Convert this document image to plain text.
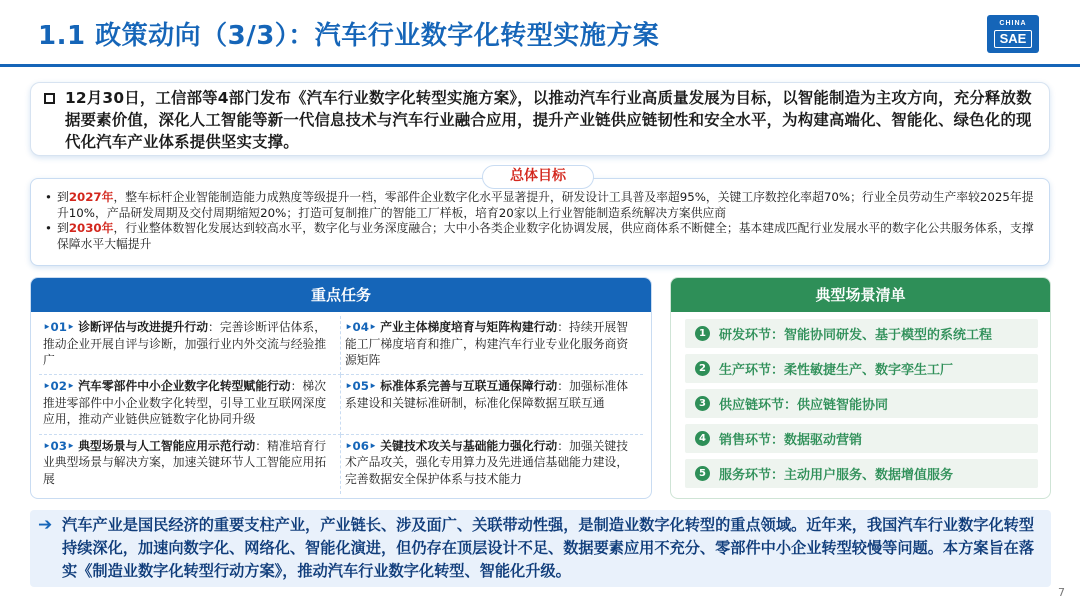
1.1 政策动向（3/3）：汽车行业数字化转型实施方案	CHINA
SAE
12月30日，工信部等4部门发布《汽车行业数字化转型实施方案》，以推动汽车行业高质量发展为目标，以智能制造为主攻方向，充分释放数据要素价值，深化人工智能等新一代信息技术与汽车行业融合应用，提升产业链供应链韧性和安全水平，为构建高端化、智能化、绿色化的现代化汽车产业体系提供坚实支撑。
• 到2027年，整车标杆企业智能制造能力成熟度等级提升一档，零部件企业数字化水平显著提升，研发设计工具普及率超95%，关键工序数控化率超70%；行业全员劳动生产率较2025年提升10%，产品研发周期及交付周期缩短20%；打造可复制推广的智能工厂样板，培育20家以上行业智能制造系统解决方案供应商
• 到2030年，行业整体数智化发展达到较高水平，数字化与业务深度融合；大中小各类企业数字化协调发展，供应商体系不断健全；基本建成匹配行业发展水平的数字化公共服务体系，支撑保障水平大幅提升
总体目标
重点任务
‣01‣ 诊断评估与改进提升行动：完善诊断评估体系，推动企业开展自评与诊断，加强行业内外交流与经验推广
‣04‣ 产业主体梯度培育与矩阵构建行动：持续开展智能工厂梯度培育和推广，构建汽车行业专业化服务商资源矩阵
‣02‣ 汽车零部件中小企业数字化转型赋能行动：梯次推进零部件中小企业数字化转型，引导工业互联网深度应用，推动产业链供应链数字化协同升级
‣05‣ 标准体系完善与互联互通保障行动：加强标准体系建设和关键标准研制，标准化保障数据互联互通
‣03‣ 典型场景与人工智能应用示范行动：精准培育行业典型场景与解决方案，加速关键环节人工智能应用拓展
‣06‣ 关键技术攻关与基础能力强化行动：加强关键技术产品攻关，强化专用算力及先进通信基础能力建设，完善数据安全保护体系与技术能力
典型场景清单
1	研发环节：智能协同研发、基于模型的系统工程
2	生产环节：柔性敏捷生产、数字孪生工厂
3	供应链环节：供应链智能协同
4	销售环节：数据驱动营销
5	服务环节：主动用户服务、数据增值服务
➔ 汽车产业是国民经济的重要支柱产业，产业链长、涉及面广、关联带动性强，是制造业数字化转型的重点领域。近年来，我国汽车行业数字化转型持续深化，加速向数字化、网络化、智能化演进，但仍存在顶层设计不足、数据要素应用不充分、零部件中小企业转型较慢等问题。本方案旨在落实《制造业数字化转型行动方案》，推动汽车行业数字化转型、智能化升级。
7
